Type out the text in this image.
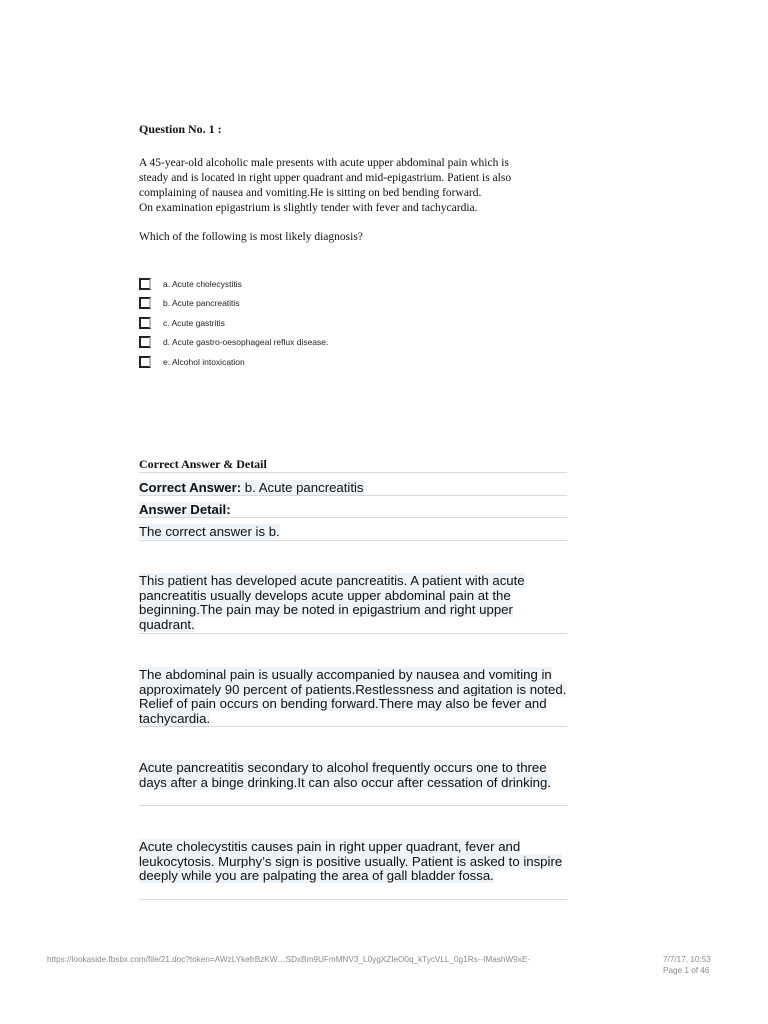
Question No. 1 :
A 45-year-old alcoholic male presents with acute upper abdominal pain which is
steady and is located in right upper quadrant and mid-epigastrium. Patient is also
complaining of nausea and vomiting.He is sitting on bed bending forward.
On examination epigastrium is slightly tender with fever and tachycardia.
Which of the following is most likely diagnosis?
a. Acute cholecystitis
b. Acute pancreatitis
c. Acute gastritis
d. Acute gastro-oesophageal reflux disease.
e. Alcohol intoxication
Correct Answer & Detail
Correct Answer: b. Acute pancreatitis
Answer Detail:
The correct answer is b.
This patient has developed acute pancreatitis. A patient with acute pancreatitis usually develops acute upper abdominal pain at the beginning.The pain may be noted in epigastrium and right upper quadrant.
The abdominal pain is usually accompanied by nausea and vomiting in approximately 90 percent of patients.Restlessness and agitation is noted. Relief of pain occurs on bending forward.There may also be fever and tachycardia.
Acute pancreatitis secondary to alcohol frequently occurs one to three days after a binge drinking.It can also occur after cessation of drinking.
Acute cholecystitis causes pain in right upper quadrant, fever and leukocytosis. Murphy’s sign is positive usually. Patient is asked to inspire deeply while you are palpating the area of gall bladder fossa.
https://lookaside.fbsbx.com/file/21.doc?token=AWzLYkefrBzKW…SDxBm9UFmMNV3_L0ygXZIeO0q_kTycVLL_0g1Rs--IMashW9xE-	7/7/17, 10:53
Page 1 of 46
